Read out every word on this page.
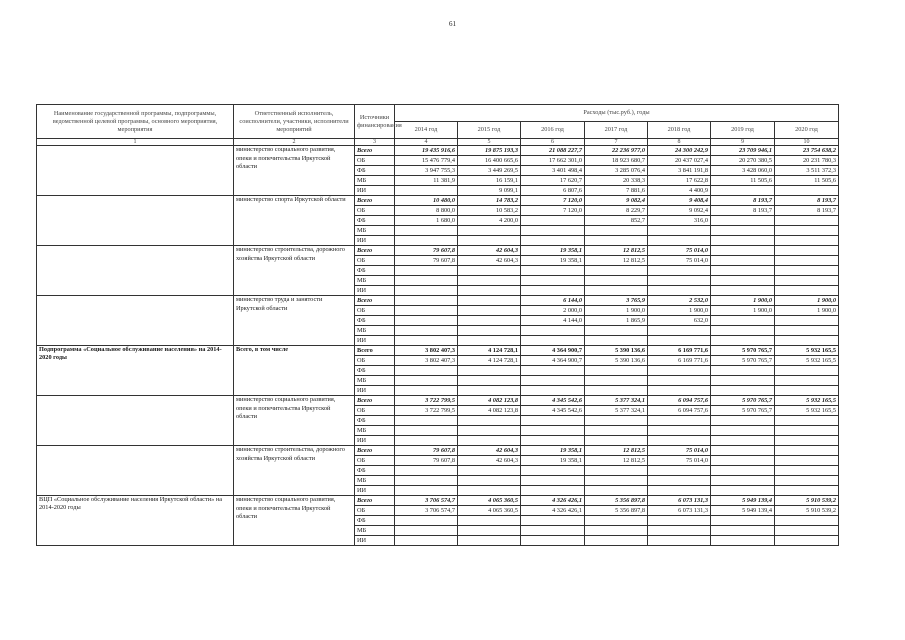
61
Наименование государственной программы, подпрограммы, ведомственной целевой программы, основного мероприятия, мероприятия	Ответственный исполнитель, соисполнители, участники, исполнители мероприятий	Источники финансирования	Расходы (тыс.руб.), годы						
			2014 год	2015 год	2016 год	2017 год	2018 год	2019 год	2020 год
1	2	3	4	5	6	7	8	9	10
	министерство социального развития, опеки и попечительства Иркутской области	Всего	19 435 916,6	19 875 193,3	21 088 227,7	22 236 977,0	24 300 242,9	23 709 946,1	23 754 638,2
		ОБ	15 476 779,4	16 400 665,6	17 662 301,0	18 923 680,7	20 437 027,4	20 270 380,5	20 231 780,3
		ФБ	3 947 755,3	3 449 269,5	3 401 498,4	3 285 076,4	3 841 191,8	3 428 060,0	3 511 372,3
		МБ	11 381,9	16 159,1	17 620,7	20 338,3	17 622,8	11 505,6	11 505,6
		ИИ		9 099,1	6 807,6	7 881,6	4 400,9		
	министерство спорта Иркутской области	Всего	10 480,0	14 783,2	7 120,0	9 082,4	9 408,4	8 193,7	8 193,7
		ОБ	8 800,0	10 583,2	7 120,0	8 229,7	9 092,4	8 193,7	8 193,7
		ФБ	1 680,0	4 200,0		852,7	316,0		
		МБ							
		ИИ							
	министерство строительства, дорожного хозяйства Иркутской области	Всего	79 607,8	42 604,3	19 358,1	12 812,5	75 014,0		
		ОБ	79 607,8	42 604,3	19 358,1	12 812,5	75 014,0		
		ФБ							
		МБ							
		ИИ							
	министерство труда и занятости Иркутской области	Всего			6 144,0	3 765,9	2 532,0	1 900,0	1 900,0
		ОБ			2 000,0	1 900,0	1 900,0	1 900,0	1 900,0
		ФБ			4 144,0	1 865,9	632,0		
		МБ							
		ИИ							
Подпрограмма «Социальное обслуживание населения» на 2014-2020 годы	Всего, в том числе	Всего	3 802 407,3	4 124 728,1	4 364 900,7	5 390 136,6	6 169 771,6	5 970 765,7	5 932 165,5
		ОБ	3 802 407,3	4 124 728,1	4 364 900,7	5 390 136,6	6 169 771,6	5 970 765,7	5 932 165,5
		ФБ							
		МБ							
		ИИ							
	министерство социального развития, опеки и попечительства Иркутской области	Всего	3 722 799,5	4 082 123,8	4 345 542,6	5 377 324,1	6 094 757,6	5 970 765,7	5 932 165,5
		ОБ	3 722 799,5	4 082 123,8	4 345 542,6	5 377 324,1	6 094 757,6	5 970 765,7	5 932 165,5
		ФБ							
		МБ							
		ИИ							
	министерство строительства, дорожного хозяйства Иркутской области	Всего	79 607,8	42 604,3	19 358,1	12 812,5	75 014,0		
		ОБ	79 607,8	42 604,3	19 358,1	12 812,5	75 014,0		
		ФБ							
		МБ							
		ИИ							
ВЦП «Социальное обслуживание населения Иркутской области» на 2014-2020 годы	министерство социального развития, опеки и попечительства Иркутской области	Всего	3 706 574,7	4 065 360,5	4 326 426,1	5 356 897,8	6 073 131,3	5 949 139,4	5 910 539,2
		ОБ	3 706 574,7	4 065 360,5	4 326 426,1	5 356 897,8	6 073 131,3	5 949 139,4	5 910 539,2
		ФБ							
		МБ							
		ИИ							
